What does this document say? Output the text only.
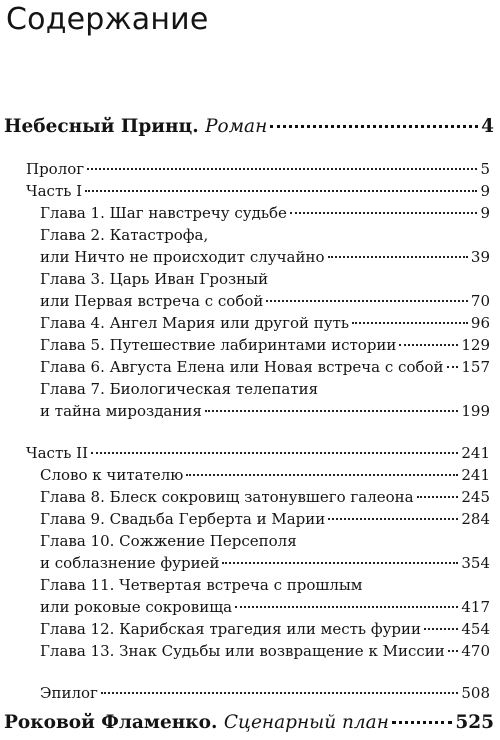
Содержание
Небесный Принц. Роман	4
Пролог	5
Часть I	9
Глава 1. Шаг навстречу судьбе	9
Глава 2. Катастрофа,
или Ничто не происходит случайно	39
Глава 3. Царь Иван Грозный
или Первая встреча с собой	70
Глава 4. Ангел Мария или другой путь	96
Глава 5. Путешествие лабиринтами истории	129
Глава 6. Августа Елена или Новая встреча с собой 157
Глава 7. Биологическая телепатия
и тайна мироздания	199
Часть II	241
Слово к читателю	241
Глава 8. Блеск сокровищ затонувшего галеона	245
Глава 9. Свадьба Герберта и Марии	284
Глава 10. Сожжение Персеполя
и соблазнение фурией	354
Глава 11. Четвертая встреча с прошлым
или роковые сокровища	417
Глава 12. Карибская трагедия или месть фурии	454
Глава 13. Знак Судьбы или возвращение к Миссии 470
Эпилог	508
Роковой Фламенко. Сценарный план	525
